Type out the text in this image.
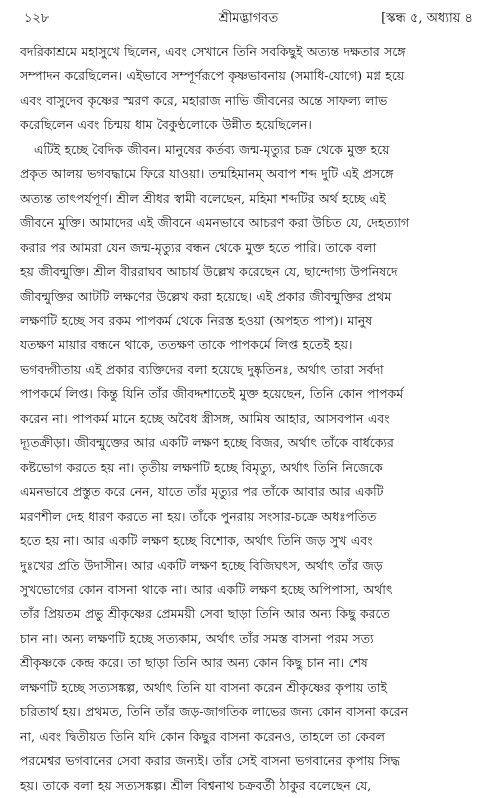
১২৮	শ্রীমদ্ভাগবত	[স্কন্ধ ৫, অধ্যায় ৪

বদরিকাশ্রমে মহাসুখে ছিলেন, এবং সেখানে তিনি সবকিছুই অত্যন্ত দক্ষতার সঙ্গে
সম্পাদন করেছিলেন। এইভাবে সম্পূর্ণরূপে কৃষ্ণভাবনায় (সমাধি-যোগে) মগ্ন হয়ে
এবং বাসুদেব কৃষ্ণের স্মরণ করে, মহারাজ নাভি জীবনের অন্তে সাফল্য লাভ
করেছিলেন এবং চিন্ময় ধাম বৈকুণ্ঠলোকে উন্নীত হয়েছিলেন।

এটিই হচ্ছে বৈদিক জীবন। মানুষের কর্তব্য জন্ম-মৃত্যুর চক্র থেকে মুক্ত হয়ে
প্রকৃত আলয় ভগবদ্ধামে ফিরে যাওয়া। তন্মহিমানম্ অবাপ শব্দ দুটি এই প্রসঙ্গে
অত্যন্ত তাৎপর্যপূর্ণ। শ্রীল শ্রীধর স্বামী বলেছেন, মহিমা শব্দটির অর্থ হচ্ছে এই
জীবনে মুক্তি। আমাদের এই জীবনে এমনভাবে আচরণ করা উচিত যে, দেহত্যাগ
করার পর আমরা যেন জন্ম-মৃত্যুর বন্ধন থেকে মুক্ত হতে পারি। তাকে বলা
হয় জীবন্মুক্তি। শ্রীল বীররাঘব আচার্য উল্লেখ করেছেন যে, ছান্দোগ্য উপনিষদে
জীবন্মুক্তির আটটি লক্ষণের উল্লেখ করা হয়েছে। এই প্রকার জীবন্মুক্তির প্রথম
লক্ষণটি হচ্ছে সব রকম পাপকর্ম থেকে নিরস্ত হওয়া (অপহত পাপ)। মানুষ
যতক্ষণ মায়ার বন্ধনে থাকে, ততক্ষণ তাকে পাপকর্মে লিপ্ত হতেই হয়।
ভগবদ্গীতায় এই প্রকার ব্যক্তিদের বলা হয়েছে দুষ্কৃতিনঃ, অর্থাৎ তারা সর্বদা
পাপকর্মে লিপ্ত। কিন্তু যিনি তাঁর জীবদ্দশাতেই মুক্ত হয়েছেন, তিনি কোন পাপকর্ম
করেন না। পাপকর্ম মানে হচ্ছে অবৈধ স্ত্রীসঙ্গ, আমিষ আহার, আসবপান এবং
দ্যূতক্রীড়া। জীবন্মুক্তের আর একটি লক্ষণ হচ্ছে বিজর, অর্থাৎ তাঁকে বার্ধক্যের
কষ্টভোগ করতে হয় না। তৃতীয় লক্ষণটি হচ্ছে বিমৃত্যু, অর্থাৎ তিনি নিজেকে
এমনভাবে প্রস্তুত করে নেন, যাতে তাঁর মৃত্যুর পর তাঁকে আবার আর একটি
মরণশীল দেহ ধারণ করতে না হয়। তাঁকে পুনরায় সংসার-চক্রে অধঃপতিত
হতে হয় না। আর একটি লক্ষণ হচ্ছে বিশোক, অর্থাৎ তিনি জড় সুখ এবং
দুঃখের প্রতি উদাসীন। আর একটি লক্ষণ হচ্ছে বিজিঘৎস, অর্থাৎ তাঁর জড়
সুখভোগের কোন বাসনা থাকে না। আর একটি লক্ষণ হচ্ছে অপিপাসা, অর্থাৎ
তাঁর প্রিয়তম প্রভু শ্রীকৃষ্ণের প্রেমময়ী সেবা ছাড়া তিনি আর অন্য কিছু করতে
চান না। অন্য লক্ষণটি হচ্ছে সত্যকাম, অর্থাৎ তাঁর সমস্ত বাসনা পরম সত্য
শ্রীকৃষ্ণকে কেন্দ্র করে। তা ছাড়া তিনি আর অন্য কোন কিছু চান না। শেষ
লক্ষণটি হচ্ছে সত্যসঙ্কল্প, অর্থাৎ তিনি যা বাসনা করেন শ্রীকৃষ্ণের কৃপায় তাই
চরিতার্থ হয়। প্রথমত, তিনি তাঁর জড়-জাগতিক লাভের জন্য কোন বাসনা করেন
না, এবং দ্বিতীয়ত তিনি যদি কোন কিছুর বাসনা করেনও, তাহলে তা কেবল
পরমেশ্বর ভগবানের সেবা করার জন্যই। তাঁর সেই বাসনা ভগবানের কৃপায় সিদ্ধ
হয়। তাকে বলা হয় সত্যসঙ্কল্প। শ্রীল বিশ্বনাথ চক্রবর্তী ঠাকুর বলেছেন যে,
